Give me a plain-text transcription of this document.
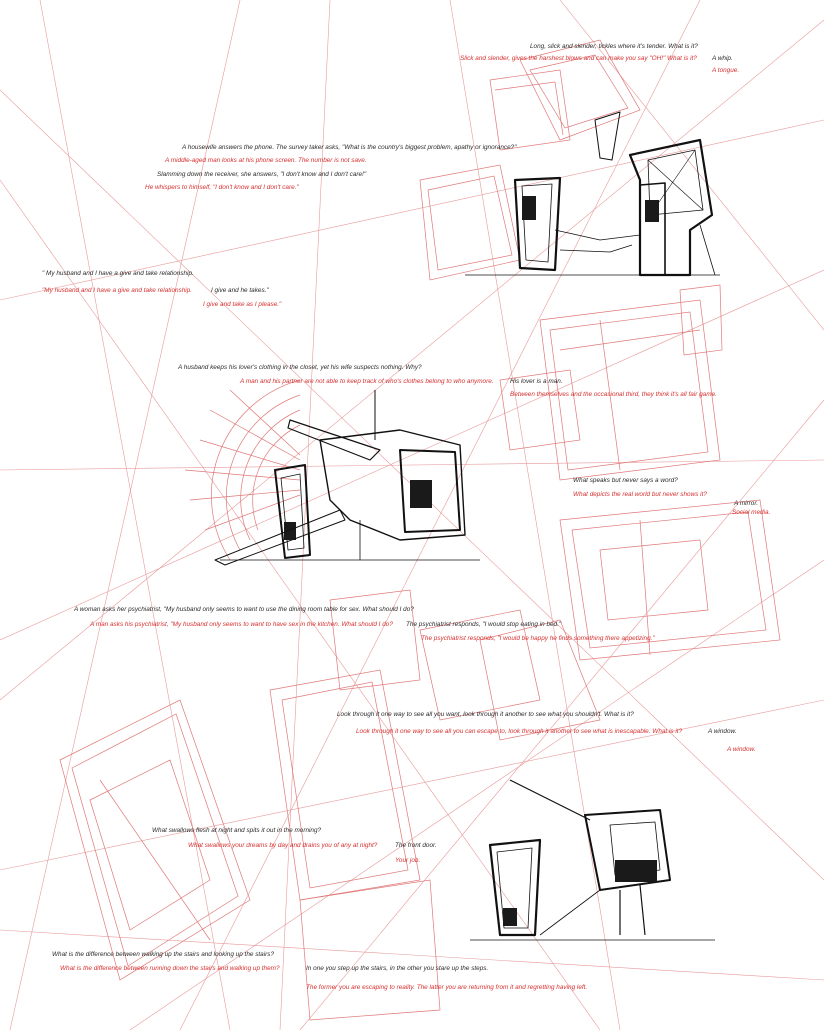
Long, slick and slender, tickles where it's tender. What is it?
Slick and slender, gives the harshest blows and can make you say "OH!" What is it? A whip.
A tongue.
A housewife answers the phone. The survey taker asks, "What is the country's biggest problem, apathy or ignorance?"
A middle-aged man looks at his phone screen. The number is not save.
Slamming down the receiver, she answers, "I don't know and I don't care!"
He whispers to himself, "I don't know and I don't care."
" My husband and I have a give and take relationship.
"My husband and I have a give and take relationship.	I give and he takes."
I give and take as I please."
A husband keeps his lover's clothing in the closet, yet his wife suspects nothing. Why?
A man and his partner are not able to keep track of who's clothes belong to who anymore.	His lover is a man.
Between themselves and the occasional third, they think it's all fair game.
What speaks but never says a word?
What depicts the real world but never shows it?
A mirror.
Social media.
A woman asks her psychiatrist, "My husband only seems to want to use the dining room table for sex. What should I do?
A man asks his psychiatrist, "My husband only seems to want to have sex in the kitchen. What should I do? The psychiatrist responds, "I would stop eating in bed."
The psychiatrist responds, "I would be happy he finds something there appetizing."
Look through it one way to see all you want, look through it another to see what you shouldn't. What is it?
Look through it one way to see all you can escape to, look through it another to see what is inescapable. What is it?	A window.
A window.
What swallows flesh at night and spits it out in the morning?
What swallows your dreams by day and drains you of any at night?	The front door.
Your job.
What is the difference between walking up the stairs and looking up the stairs?
What is the difference between running down the stairs and walking up them?	In one you step up the stairs, in the other you stare up the steps.
The former you are escaping to reality. The latter you are returning from it and regretting having left.
